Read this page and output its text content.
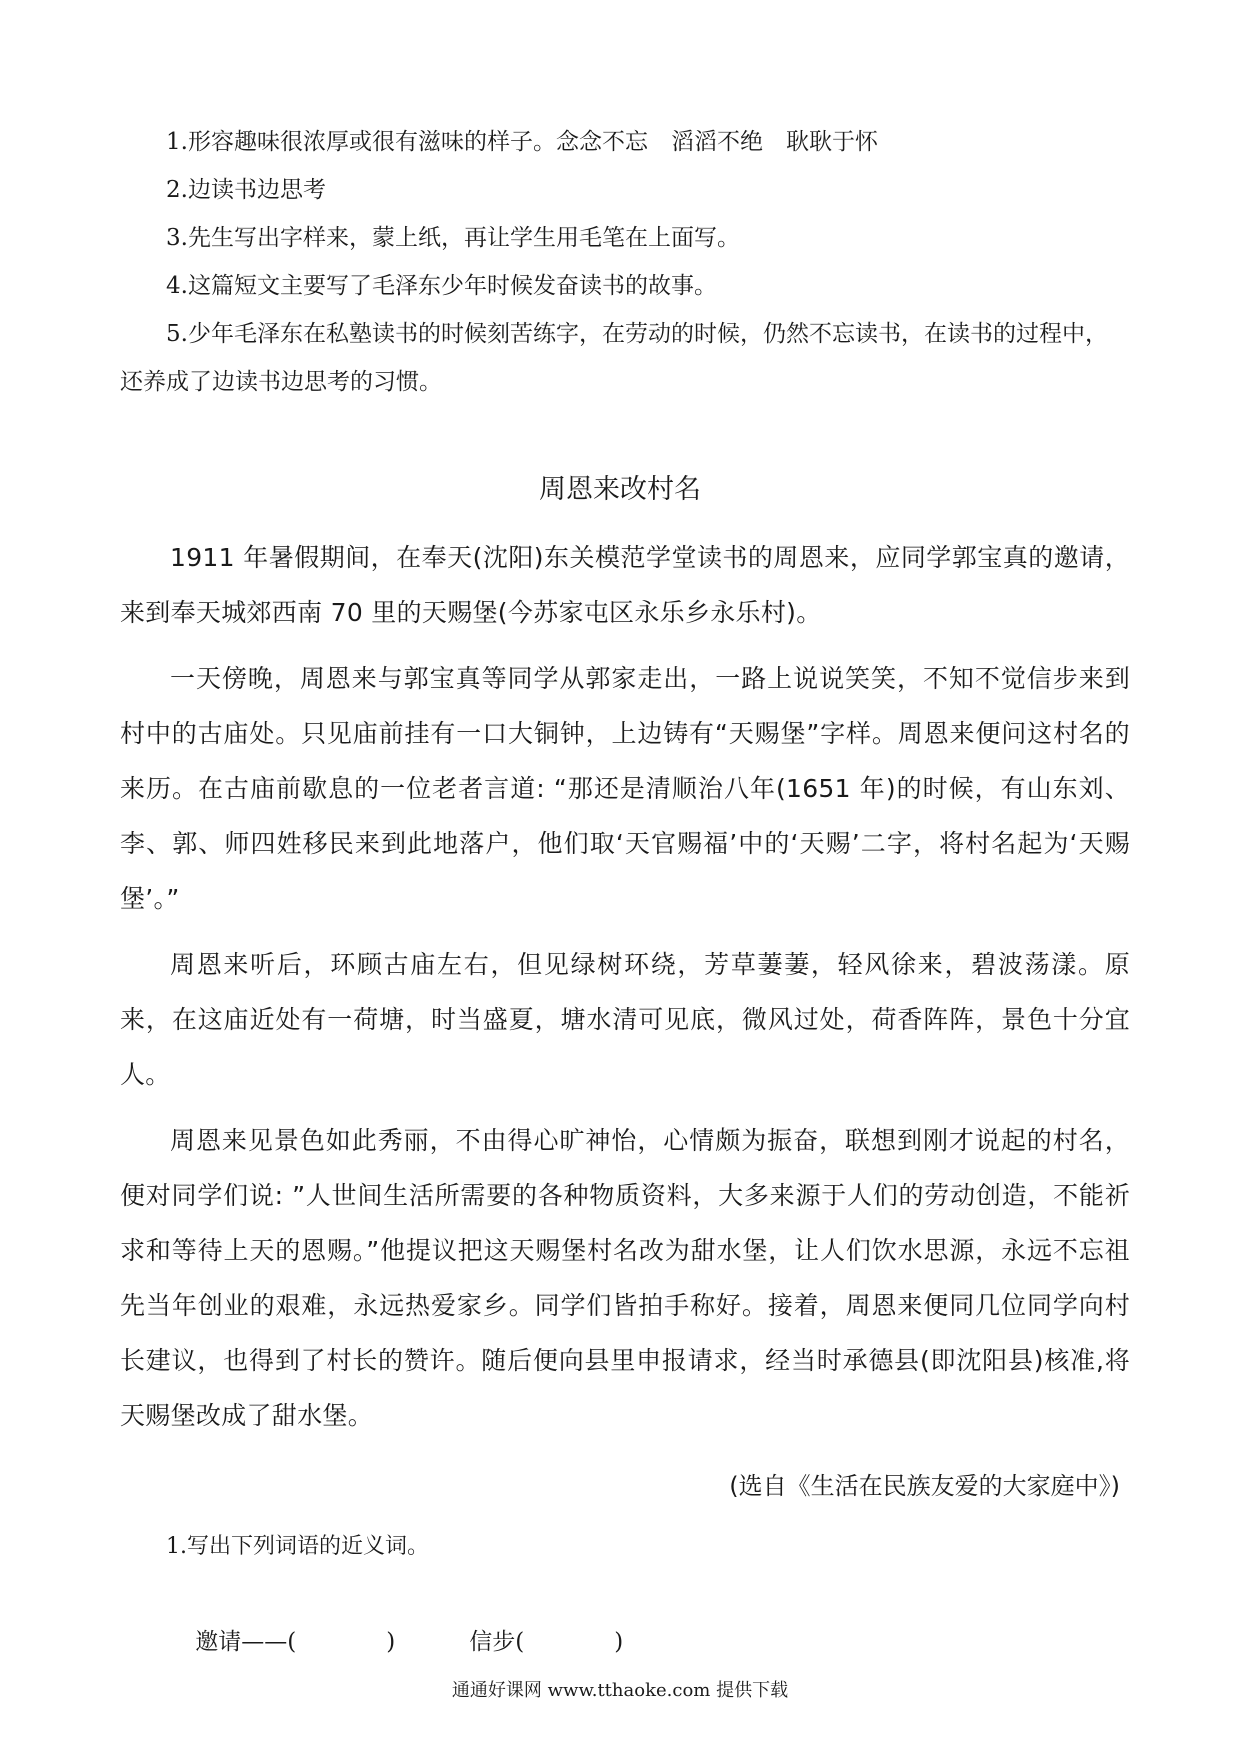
1.形容趣味很浓厚或很有滋味的样子。念念不忘　滔滔不绝　耿耿于怀

2.边读书边思考

3.先生写出字样来，蒙上纸，再让学生用毛笔在上面写。

4.这篇短文主要写了毛泽东少年时候发奋读书的故事。

5.少年毛泽东在私塾读书的时候刻苦练字，在劳动的时候，仍然不忘读书，在读书的过程中，还养成了边读书边思考的习惯。

周恩来改村名

1911 年暑假期间，在奉天(沈阳)东关模范学堂读书的周恩来，应同学郭宝真的邀请，来到奉天城郊西南 70 里的天赐堡(今苏家屯区永乐乡永乐村)。

一天傍晚，周恩来与郭宝真等同学从郭家走出，一路上说说笑笑，不知不觉信步来到村中的古庙处。只见庙前挂有一口大铜钟，上边铸有“天赐堡”字样。周恩来便问这村名的来历。在古庙前歇息的一位老者言道: “那还是清顺治八年(1651 年)的时候，有山东刘、李、郭、师四姓移民来到此地落户，他们取‘天官赐福’中的‘天赐’二字，将村名起为‘天赐堡’。”

周恩来听后，环顾古庙左右，但见绿树环绕，芳草萋萋，轻风徐来，碧波荡漾。原来，在这庙近处有一荷塘，时当盛夏，塘水清可见底，微风过处，荷香阵阵，景色十分宜人。

周恩来见景色如此秀丽，不由得心旷神怡，心情颇为振奋，联想到刚才说起的村名，便对同学们说: ”人世间生活所需要的各种物质资料，大多来源于人们的劳动创造，不能祈求和等待上天的恩赐。”他提议把这天赐堡村名改为甜水堡，让人们饮水思源，永远不忘祖先当年创业的艰难，永远热爱家乡。同学们皆拍手称好。接着，周恩来便同几位同学向村长建议，也得到了村长的赞许。随后便向县里申报请求，经当时承德县(即沈阳县)核准,将天赐堡改成了甜水堡。

(选自《生活在民族友爱的大家庭中》)
1.写出下列词语的近义词。

邀请——(	)	信步(	)

通通好课网 www.tthaoke.com 提供下载
